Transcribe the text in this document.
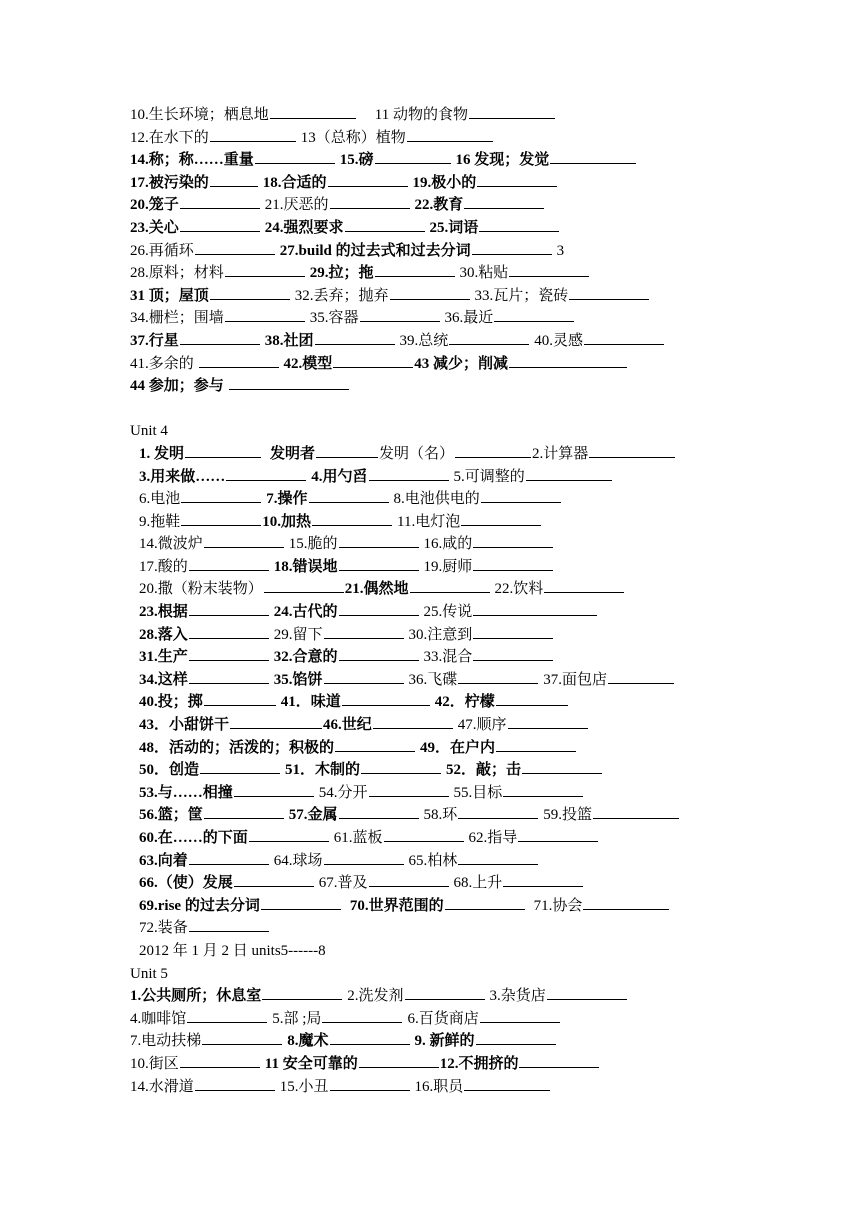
10.生长环境；栖息地	11 动物的食物
12.在水下的	13（总称）植物
14.称；称……重量	15.磅	16 发现；发觉
17.被污染的	18.合适的	19.极小的
20.笼子	21.厌恶的	22.教育
23.关心	24.强烈要求	25.词语
26.再循环	27.build 的过去式和过去分词	3
28.原料；材料	29.拉；拖	30.粘贴
31 顶；屋顶	32.丢弃；抛弃	33.瓦片；瓷砖
34.栅栏；围墙	35.容器	36.最近
37.行星	38.社团	39.总统	40.灵感
41.多余的	42.模型	43 减少；削减
44 参加；参与
Unit 4
1. 发明	发明者	发明（名）	2.计算器
3.用来做……	4.用勺舀	5.可调整的
6.电池	7.操作	8.电池供电的
9.拖鞋	10.加热	11.电灯泡
14.微波炉	15.脆的	16.咸的
17.酸的	18.错误地	19.厨师
20.撒（粉末装物）	21.偶然地	22.饮料
23.根据	24.古代的	25.传说
28.落入	29.留下	30.注意到
31.生产	32.合意的	33.混合
34.这样	35.馅饼	36.飞碟	37.面包店
40.投；掷	41．味道	42．柠檬
43．小甜饼干	46.世纪	47.顺序
48．活动的；活泼的；积极的	49．在户内
50．创造	51．木制的	52．敲；击
53.与……相撞	54.分开	55.目标
56.篮；筐	57.金属	58.环	59.投篮
60.在……的下面	61.蓝板	62.指导
63.向着	64.球场	65.柏林
66.（使）发展	67.普及	68.上升
69.rise 的过去分词	70.世界范围的	71.协会
72.装备
2012 年 1 月 2 日 units5------8
Unit 5
1.公共厕所；休息室	2.洗发剂	3.杂货店
4.咖啡馆	5.部 ;局	6.百货商店
7.电动扶梯	8.魔术	9. 新鲜的
10.街区	11 安全可靠的	12.不拥挤的
14.水滑道	15.小丑	16.职员
